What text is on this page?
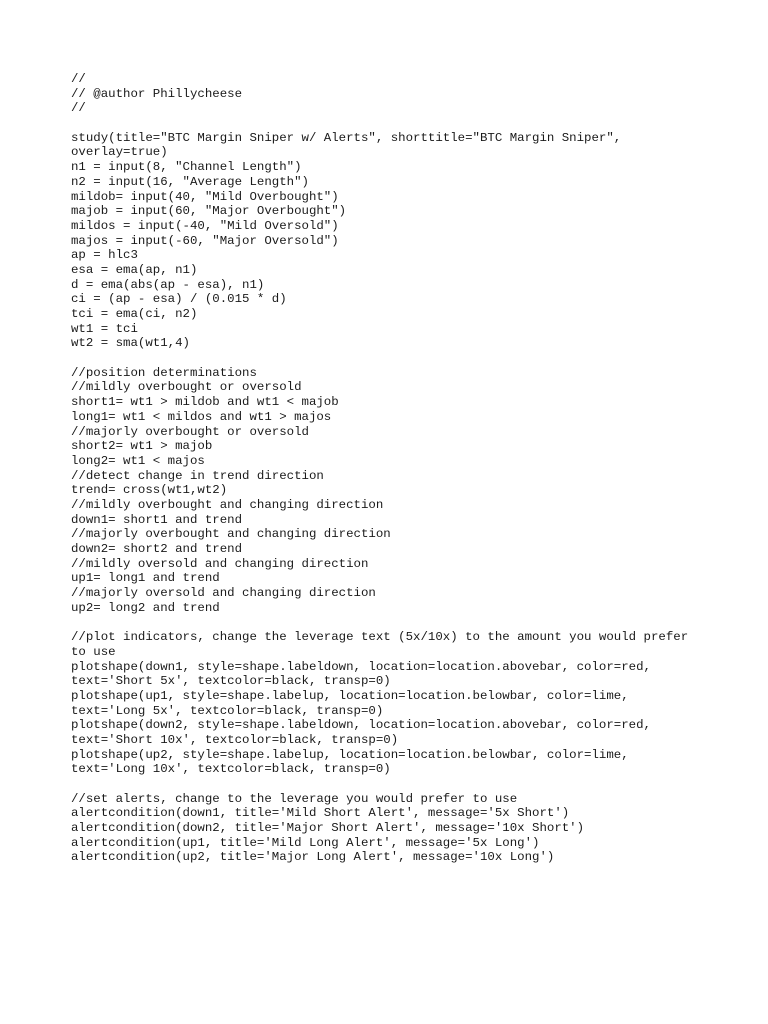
//
// @author Phillycheese
//
study(title="BTC Margin Sniper w/ Alerts", shorttitle="BTC Margin Sniper",
overlay=true)
n1 = input(8, "Channel Length")
n2 = input(16, "Average Length")
mildob= input(40, "Mild Overbought")
majob = input(60, "Major Overbought")
mildos = input(-40, "Mild Oversold")
majos = input(-60, "Major Oversold")
ap = hlc3
esa = ema(ap, n1)
d = ema(abs(ap - esa), n1)
ci = (ap - esa) / (0.015 * d)
tci = ema(ci, n2)
wt1 = tci
wt2 = sma(wt1,4)
//position determinations
//mildly overbought or oversold
short1= wt1 > mildob and wt1 < majob
long1= wt1 < mildos and wt1 > majos
//majorly overbought or oversold
short2= wt1 > majob
long2= wt1 < majos
//detect change in trend direction
trend= cross(wt1,wt2)
//mildly overbought and changing direction
down1= short1 and trend
//majorly overbought and changing direction
down2= short2 and trend
//mildly oversold and changing direction
up1= long1 and trend
//majorly oversold and changing direction
up2= long2 and trend
//plot indicators, change the leverage text (5x/10x) to the amount you would prefer
to use
plotshape(down1, style=shape.labeldown, location=location.abovebar, color=red,
text='Short 5x', textcolor=black, transp=0)
plotshape(up1, style=shape.labelup, location=location.belowbar, color=lime,
text='Long 5x', textcolor=black, transp=0)
plotshape(down2, style=shape.labeldown, location=location.abovebar, color=red,
text='Short 10x', textcolor=black, transp=0)
plotshape(up2, style=shape.labelup, location=location.belowbar, color=lime,
text='Long 10x', textcolor=black, transp=0)
//set alerts, change to the leverage you would prefer to use
alertcondition(down1, title='Mild Short Alert', message='5x Short')
alertcondition(down2, title='Major Short Alert', message='10x Short')
alertcondition(up1, title='Mild Long Alert', message='5x Long')
alertcondition(up2, title='Major Long Alert', message='10x Long')
